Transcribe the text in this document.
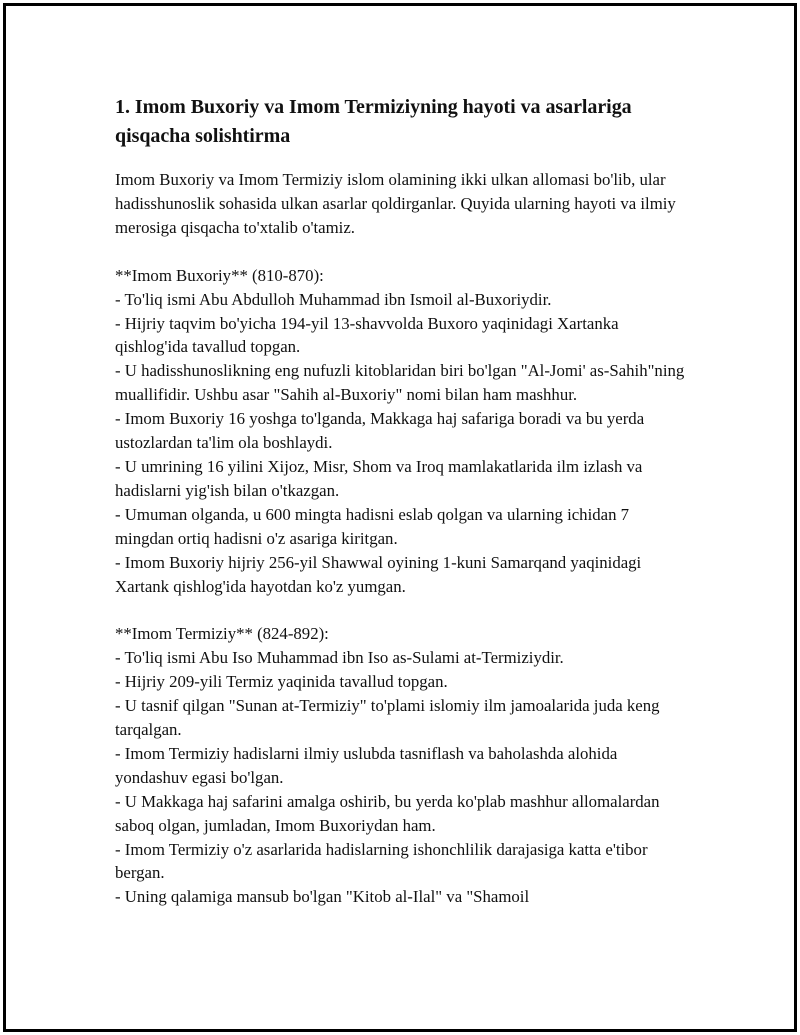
1. Imom Buxoriy va Imom Termiziyning hayoti va asarlariga qisqacha solishtirma

Imom Buxoriy va Imom Termiziy islom olamining ikki ulkan allomasi bo'lib, ular hadisshunoslik sohasida ulkan asarlar qoldirganlar. Quyida ularning hayoti va ilmiy merosiga qisqacha to'xtalib o'tamiz.

**Imom Buxoriy** (810-870):

- To'liq ismi Abu Abdulloh Muhammad ibn Ismoil al-Buxoriydir.

- Hijriy taqvim bo'yicha 194-yil 13-shavvolda Buxoro yaqinidagi Xartanka qishlog'ida tavallud topgan.

- U hadisshunoslikning eng nufuzli kitoblaridan biri bo'lgan "Al-Jomi' as-Sahih"ning muallifidir. Ushbu asar "Sahih al-Buxoriy" nomi bilan ham mashhur.

- Imom Buxoriy 16 yoshga to'lganda, Makkaga haj safariga boradi va bu yerda ustozlardan ta'lim ola boshlaydi.

- U umrining 16 yilini Xijoz, Misr, Shom va Iroq mamlakatlarida ilm izlash va hadislarni yig'ish bilan o'tkazgan.

- Umuman olganda, u 600 mingta hadisni eslab qolgan va ularning ichidan 7 mingdan ortiq hadisni o'z asariga kiritgan.

- Imom Buxoriy hijriy 256-yil Shawwal oyining 1-kuni Samarqand yaqinidagi Xartank qishlog'ida hayotdan ko'z yumgan.

**Imom Termiziy** (824-892):

- To'liq ismi Abu Iso Muhammad ibn Iso as-Sulami at-Termiziydir.

- Hijriy 209-yili Termiz yaqinida tavallud topgan.

- U tasnif qilgan "Sunan at-Termiziy" to'plami islomiy ilm jamoalarida juda keng tarqalgan.

- Imom Termiziy hadislarni ilmiy uslubda tasniflash va baholashda alohida yondashuv egasi bo'lgan.

- U Makkaga haj safarini amalga oshirib, bu yerda ko'plab mashhur allomalardan saboq olgan, jumladan, Imom Buxoriydan ham.

- Imom Termiziy o'z asarlarida hadislarning ishonchlilik darajasiga katta e'tibor bergan.

- Uning qalamiga mansub bo'lgan "Kitob al-Ilal" va "Shamoil
